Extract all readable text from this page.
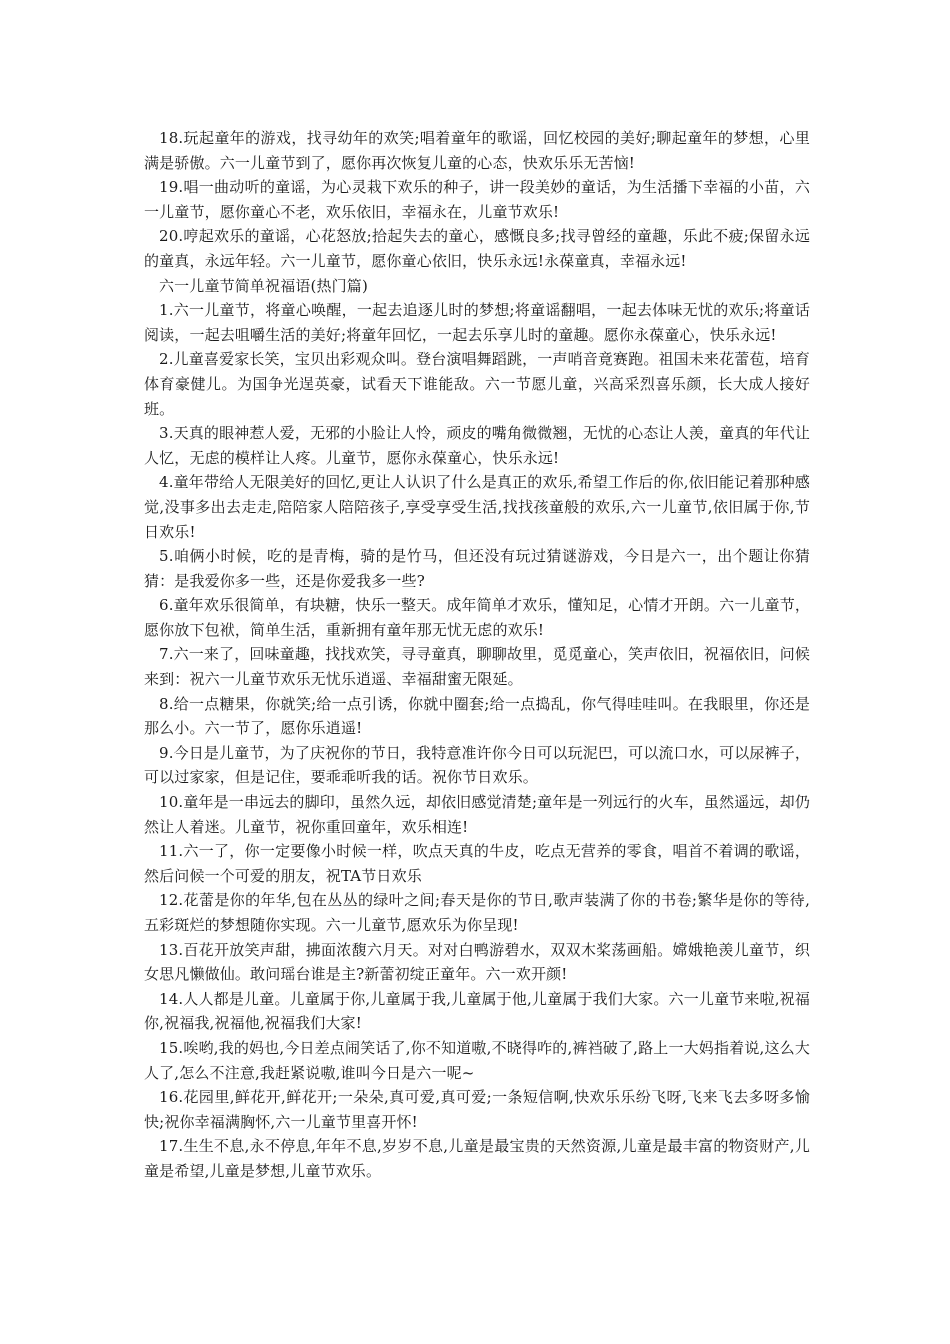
18.玩起童年的游戏，找寻幼年的欢笑;唱着童年的歌谣，回忆校园的美好;聊起童年的梦想，心里满是骄傲。六一儿童节到了，愿你再次恢复儿童的心态，快欢乐乐无苦恼!

19.唱一曲动听的童谣，为心灵栽下欢乐的种子，讲一段美妙的童话，为生活播下幸福的小苗，六一儿童节，愿你童心不老，欢乐依旧，幸福永在，儿童节欢乐!

20.哼起欢乐的童谣，心花怒放;拾起失去的童心，感慨良多;找寻曾经的童趣，乐此不疲;保留永远的童真，永远年轻。六一儿童节，愿你童心依旧，快乐永远!永葆童真，幸福永远!

六一儿童节简单祝福语(热门篇)

1.六一儿童节，将童心唤醒，一起去追逐儿时的梦想;将童谣翻唱，一起去体味无忧的欢乐;将童话阅读，一起去咀嚼生活的美好;将童年回忆，一起去乐享儿时的童趣。愿你永葆童心，快乐永远!

2.儿童喜爱家长笑，宝贝出彩观众叫。登台演唱舞蹈跳，一声哨音竟赛跑。祖国未来花蕾苞，培育体育豪健儿。为国争光逞英豪，试看天下谁能敌。六一节愿儿童，兴高采烈喜乐颜，长大成人接好班。

3.天真的眼神惹人爱，无邪的小脸让人怜，顽皮的嘴角微微翘，无忧的心态让人羡，童真的年代让人忆，无虑的模样让人疼。儿童节，愿你永葆童心，快乐永远!

4.童年带给人无限美好的回忆,更让人认识了什么是真正的欢乐,希望工作后的你,依旧能记着那种感觉,没事多出去走走,陪陪家人陪陪孩子,享受享受生活,找找孩童般的欢乐,六一儿童节,依旧属于你,节日欢乐!

5.咱俩小时候，吃的是青梅，骑的是竹马，但还没有玩过猜谜游戏，今日是六一，出个题让你猜猜：是我爱你多一些，还是你爱我多一些?

6.童年欢乐很简单，有块糖，快乐一整天。成年简单才欢乐，懂知足，心情才开朗。六一儿童节，愿你放下包袱，简单生活，重新拥有童年那无忧无虑的欢乐!

7.六一来了，回味童趣，找找欢笑，寻寻童真，聊聊故里，觅觅童心，笑声依旧，祝福依旧，问候来到：祝六一儿童节欢乐无忧乐逍遥、幸福甜蜜无限延。

8.给一点糖果，你就笑;给一点引诱，你就中圈套;给一点捣乱，你气得哇哇叫。在我眼里，你还是那么小。六一节了，愿你乐逍遥!

9.今日是儿童节，为了庆祝你的节日，我特意准许你今日可以玩泥巴，可以流口水，可以尿裤子，可以过家家，但是记住，要乖乖听我的话。祝你节日欢乐。

10.童年是一串远去的脚印，虽然久远，却依旧感觉清楚;童年是一列远行的火车，虽然遥远，却仍然让人着迷。儿童节，祝你重回童年，欢乐相连!

11.六一了，你一定要像小时候一样，吹点天真的牛皮，吃点无营养的零食，唱首不着调的歌谣，然后问候一个可爱的朋友，祝TA节日欢乐

12.花蕾是你的年华,包在丛丛的绿叶之间;春天是你的节日,歌声装满了你的书卷;繁华是你的等待,五彩斑烂的梦想随你实现。六一儿童节,愿欢乐为你呈现!

13.百花开放笑声甜，拂面浓馥六月天。对对白鸭游碧水，双双木桨荡画船。嫦娥艳羡儿童节，织女思凡懒做仙。敢问瑶台谁是主?新蕾初绽正童年。六一欢开颜!

14.人人都是儿童。儿童属于你,儿童属于我,儿童属于他,儿童属于我们大家。六一儿童节来啦,祝福你,祝福我,祝福他,祝福我们大家!

15.唉哟,我的妈也,今日差点闹笑话了,你不知道嗷,不晓得咋的,裤裆破了,路上一大妈指着说,这么大人了,怎么不注意,我赶紧说嗷,谁叫今日是六一呢~

16.花园里,鲜花开,鲜花开;一朵朵,真可爱,真可爱;一条短信啊,快欢乐乐纷飞呀,飞来飞去多呀多愉快;祝你幸福满胸怀,六一儿童节里喜开怀!

17.生生不息,永不停息,年年不息,岁岁不息,儿童是最宝贵的天然资源,儿童是最丰富的物资财产,儿童是希望,儿童是梦想,儿童节欢乐。
